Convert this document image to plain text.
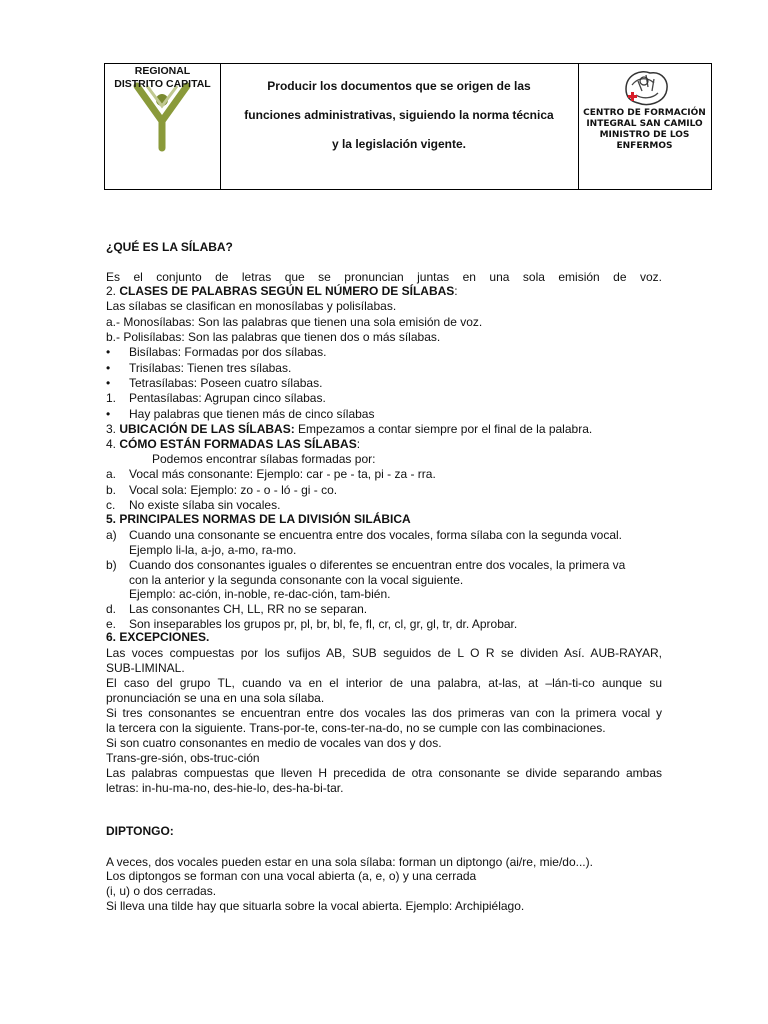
REGIONAL
DISTRITO CAPITAL	Producir los documentos que se origen de las
funciones administrativas, siguiendo la norma técnica
y la legislación vigente.
CENTRO DE FORMACIÓN
INTEGRAL SAN CAMILO
MINISTRO DE LOS ENFERMOS
¿QUÉ ES LA SÍLABA?
Es el conjunto de letras que se pronuncian juntas en una sola emisión de voz.
2. CLASES DE PALABRAS SEGÚN EL NÚMERO DE SÍLABAS:
Las sílabas se clasifican en monosílabas y polisílabas.
a.- Monosílabas: Son las palabras que tienen una sola emisión de voz.
b.- Polisílabas: Son las palabras que tienen dos o más sílabas.
• Bisílabas: Formadas por dos sílabas.
• Trisílabas: Tienen tres sílabas.
• Tetrasílabas: Poseen cuatro sílabas.
1. Pentasílabas: Agrupan cinco sílabas.
• Hay palabras que tienen más de cinco sílabas
3. UBICACIÓN DE LAS SÍLABAS: Empezamos a contar siempre por el final de la palabra.
4. CÓMO ESTÁN FORMADAS LAS SÍLABAS:
Podemos encontrar sílabas formadas por:
a. Vocal más consonante: Ejemplo: car - pe - ta, pi - za - rra.
b. Vocal sola: Ejemplo: zo - o - ló - gi - co.
c. No existe sílaba sin vocales.
5. PRINCIPALES NORMAS DE LA DIVISIÓN SILÁBICA
a) Cuando una consonante se encuentra entre dos vocales, forma sílaba con la segunda vocal.
Ejemplo li-la, a-jo, a-mo, ra-mo.
b) Cuando dos consonantes iguales o diferentes se encuentran entre dos vocales, la primera va
con la anterior y la segunda consonante con la vocal siguiente.
Ejemplo: ac-ción, in-noble, re-dac-ción, tam-bién.
d. Las consonantes CH, LL, RR no se separan.
e. Son inseparables los grupos pr, pl, br, bl, fe, fl, cr, cl, gr, gl, tr, dr. Aprobar.
6. EXCEPCIONES.
Las voces compuestas por los sufijos AB, SUB seguidos de L O R se dividen Así. AUB-RAYAR,
SUB-LIMINAL.
El caso del grupo TL, cuando va en el interior de una palabra, at-las, at –lán-ti-co aunque su
pronunciación se una en una sola sílaba.
Si tres consonantes se encuentran entre dos vocales las dos primeras van con la primera vocal y
la tercera con la siguiente. Trans-por-te, cons-ter-na-do, no se cumple con las combinaciones.
Si son cuatro consonantes en medio de vocales van dos y dos.
Trans-gre-sión, obs-truc-ción
Las palabras compuestas que lleven H precedida de otra consonante se divide separando ambas
letras: in-hu-ma-no, des-hie-lo, des-ha-bi-tar.
DIPTONGO:
A veces, dos vocales pueden estar en una sola sílaba: forman un diptongo (ai/re, mie/do...).
Los diptongos se forman con una vocal abierta (a, e, o) y una cerrada
(i, u) o dos cerradas.
Si lleva una tilde hay que situarla sobre la vocal abierta. Ejemplo: Archipiélago.
